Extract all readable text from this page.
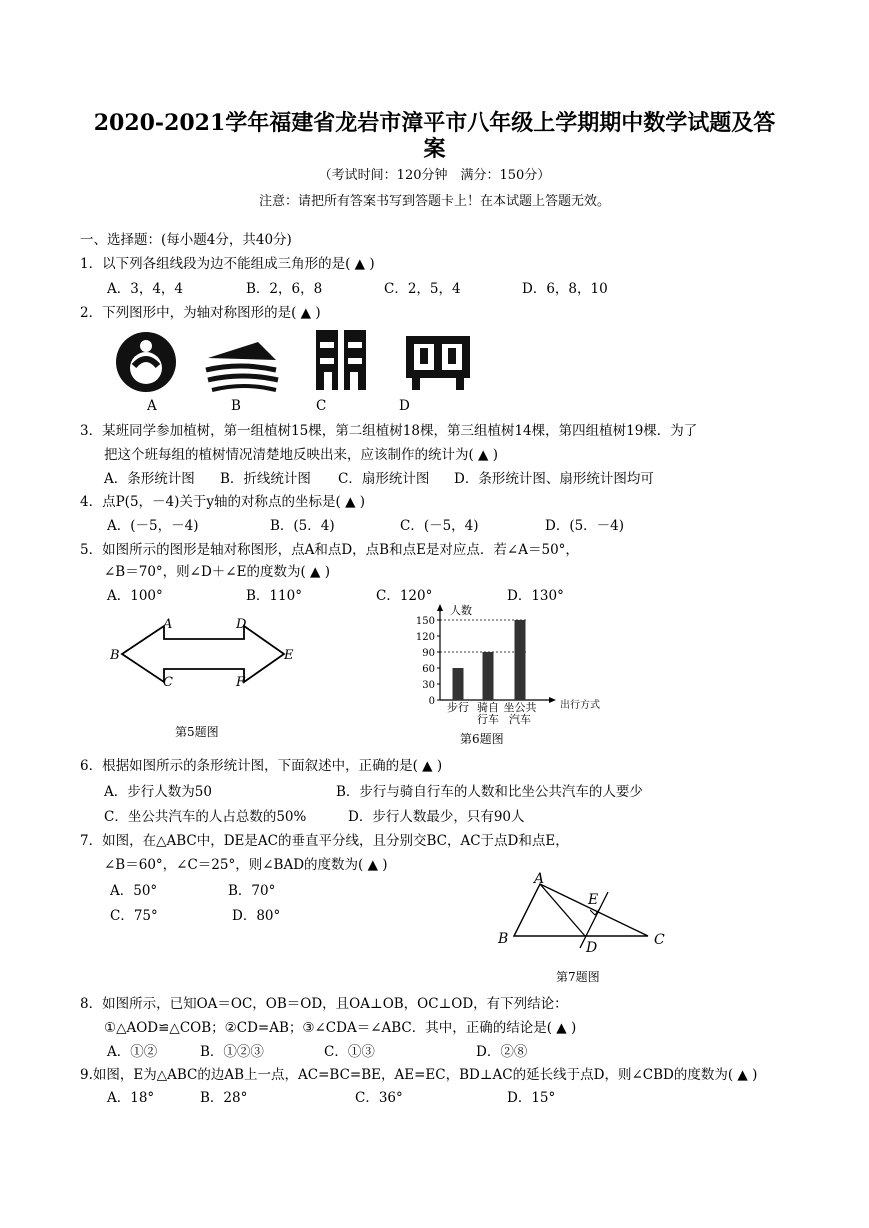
2020-2021学年福建省龙岩市漳平市八年级上学期期中数学试题及答
案
（考试时间：120分钟　满分：150分）
注意：请把所有答案书写到答题卡上！在本试题上答题无效。
一、选择题：(每小题4分，共40分)
1．以下列各组线段为边不能组成三角形的是( ▲ )
A．3，4，4	B．2，6，8	C．2，5，4	D．6，8，10
2．下列图形中，为轴对称图形的是( ▲ )
A	B	C	D
3．某班同学参加植树，第一组植树15棵，第二组植树18棵，第三组植树14棵，第四组植树19棵．为了
把这个班每组的植树情况清楚地反映出来，应该制作的统计为( ▲ )
A．条形统计图 B．折线统计图 C．扇形统计图 D．条形统计图、扇形统计图均可
4．点P(5，－4)关于y轴的对称点的坐标是( ▲ )
A．(－5，－4)	B．(5．4)	C．(－5，4)	D．(5．－4)
5．如图所示的图形是轴对称图形，点A和点D，点B和点E是对应点．若∠A＝50°，
∠B＝70°，则∠D＋∠E的度数为( ▲ )
A．100°	B．110°	C．120°	D．130°
B
A	D
E
C	F
第5题图
人数
出行方式
0
30
60
90
120
150
步行 骑自
行车
坐公共
汽车
第6题图
6．根据如图所示的条形统计图，下面叙述中，正确的是( ▲ )
A．步行人数为50	B．步行与骑自行车的人数和比坐公共汽车的人要少
C．坐公共汽车的人占总数的50%	D．步行人数最少，只有90人
7．如图，在△ABC中，DE是AC的垂直平分线，且分别交BC，AC于点D和点E，
∠B＝60°，∠C＝25°，则∠BAD的度数为( ▲ )
A．50°	B．70°
C．75°	D．80°
A
B	C
D
E
第7题图
8．如图所示，已知OA＝OC，OB＝OD，且OA⊥OB，OC⊥OD，有下列结论：
①△AOD≌△COB；②CD=AB；③∠CDA＝∠ABC．其中，正确的结论是( ▲ )
A．①②	B．①②③	C．①③	D．②⑧
9.如图，E为△ABC的边AB上一点，AC=BC=BE，AE=EC，BD⊥AC的延长线于点D，则∠CBD的度数为( ▲ )
A．18°	B．28°	C．36°	D．15°
